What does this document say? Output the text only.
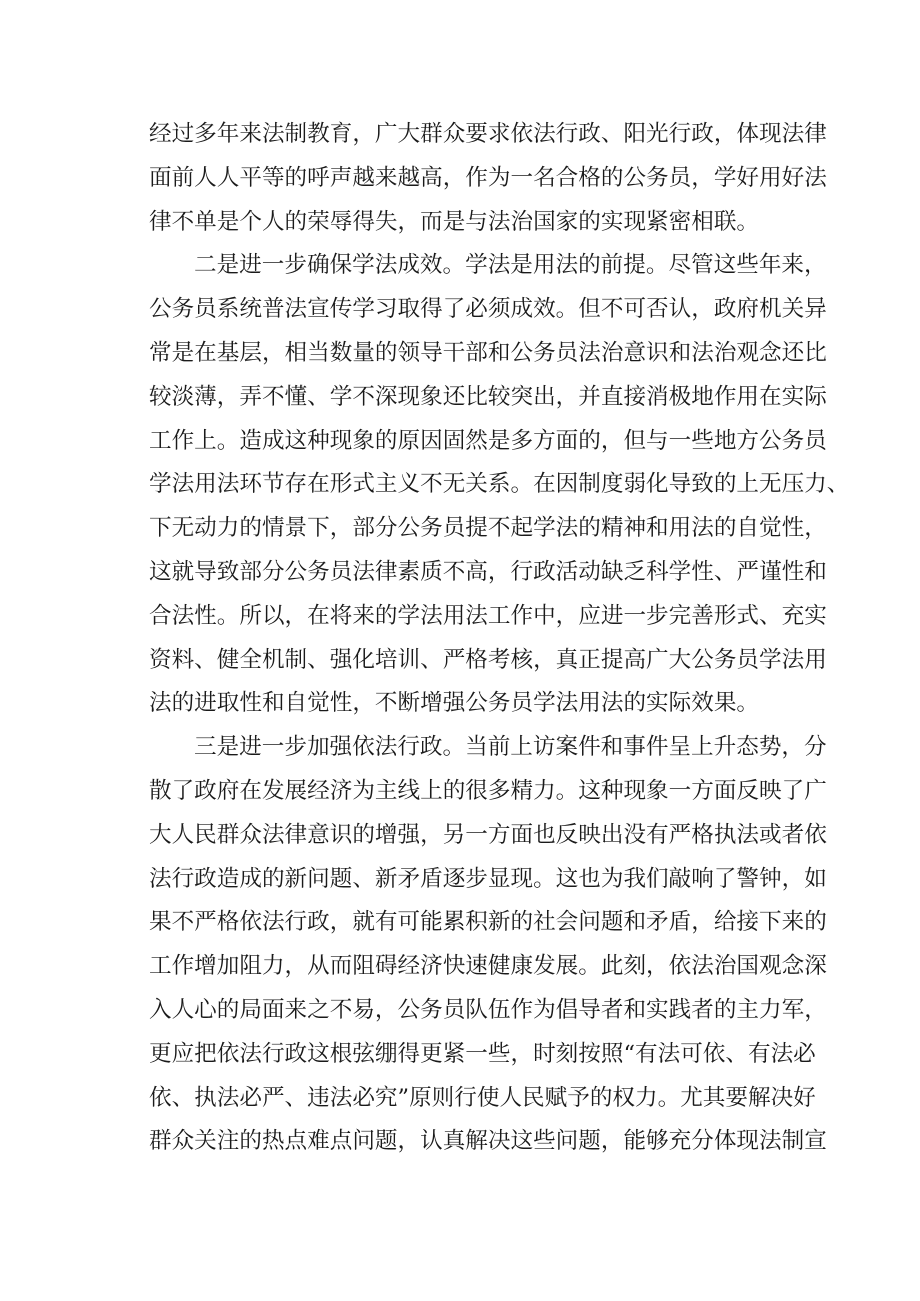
经过多年来法制教育，广大群众要求依法行政、阳光行政，体现法律
面前人人平等的呼声越来越高，作为一名合格的公务员，学好用好法
律不单是个人的荣辱得失，而是与法治国家的实现紧密相联。
二是进一步确保学法成效。学法是用法的前提。尽管这些年来，
公务员系统普法宣传学习取得了必须成效。但不可否认，政府机关异
常是在基层，相当数量的领导干部和公务员法治意识和法治观念还比
较淡薄，弄不懂、学不深现象还比较突出，并直接消极地作用在实际
工作上。造成这种现象的原因固然是多方面的，但与一些地方公务员
学法用法环节存在形式主义不无关系。在因制度弱化导致的上无压力、
下无动力的情景下，部分公务员提不起学法的精神和用法的自觉性，
这就导致部分公务员法律素质不高，行政活动缺乏科学性、严谨性和
合法性。所以，在将来的学法用法工作中，应进一步完善形式、充实
资料、健全机制、强化培训、严格考核，真正提高广大公务员学法用
法的进取性和自觉性，不断增强公务员学法用法的实际效果。
三是进一步加强依法行政。当前上访案件和事件呈上升态势，分
散了政府在发展经济为主线上的很多精力。这种现象一方面反映了广
大人民群众法律意识的增强，另一方面也反映出没有严格执法或者依
法行政造成的新问题、新矛盾逐步显现。这也为我们敲响了警钟，如
果不严格依法行政，就有可能累积新的社会问题和矛盾，给接下来的
工作增加阻力，从而阻碍经济快速健康发展。此刻，依法治国观念深
入人心的局面来之不易，公务员队伍作为倡导者和实践者的主力军，
更应把依法行政这根弦绷得更紧一些，时刻按照“有法可依、有法必
依、执法必严、违法必究”原则行使人民赋予的权力。尤其要解决好
群众关注的热点难点问题，认真解决这些问题，能够充分体现法制宣
